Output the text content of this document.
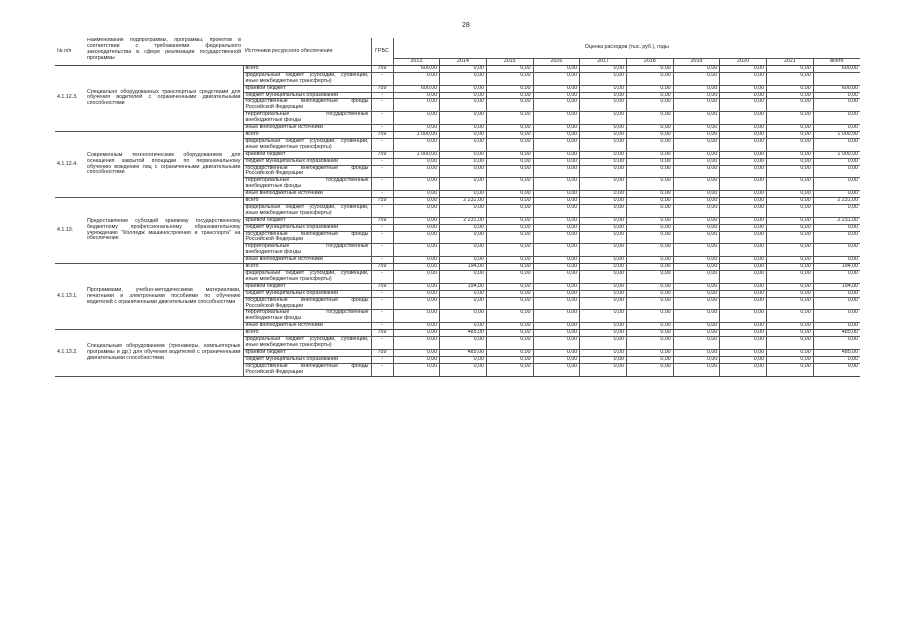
28
№ п/п	Наименование подпрограммы, программы, проектов в соответствии с требованиями федерального законодательства в сфере реализации государственной программы	Источники ресурсного обеспечения	ГРБС	Оценка расходов (тыс. руб.), годы									
				2013	2014	2015	2016	2017	2018	2019	2020	2021	всего
4.1.12.3.	Специально оборудованных транспортных средствами для обучения водителей с ограниченными двигательными способностями	всего	759	600,00	0,00	0,00	0,00	0,00	0,00	0,00	0,00	0,00	600,00
		федеральный бюджет (субсидии, субвенции, иные межбюджетные трансферты)	-	0,00	0,00	0,00	0,00	0,00	0,00	0,00	0,00	0,00	
		краевой бюджет	759	600,00	0,00	0,00	0,00	0,00	0,00	0,00	0,00	0,00	600,00
		бюджет муниципальных образований	-	0,00	0,00	0,00	0,00	0,00	0,00	0,00	0,00	0,00	0,00
		государственные внебюджетные фонды Российской Федерации	-	0,00	0,00	0,00	0,00	0,00	0,00	0,00	0,00	0,00	0,00
		территориальные государственные внебюджетные фонды	-	0,00	0,00	0,00	0,00	0,00	0,00	0,00	0,00	0,00	0,00
		иные внебюджетные источники	-	0,00	0,00	0,00	0,00	0,00	0,00	0,00	0,00	0,00	0,00
4.1.12.4.	Современным технологическим оборудованием для оснащения закрытой площадки по первоначальному обучению вождению лиц с ограниченными двигательными способностями	всего	759	1 000,00	0,00	0,00	0,00	0,00	0,00	0,00	0,00	0,00	1 000,00
		федеральный бюджет (субсидии, субвенции, иные межбюджетные трансферты)	-	0,00	0,00	0,00	0,00	0,00	0,00	0,00	0,00	0,00	0,00
		краевой бюджет	759	1 000,00	0,00	0,00	0,00	0,00	0,00	0,00	0,00	0,00	1 000,00
		бюджет муниципальных образований	-	0,00	0,00	0,00	0,00	0,00	0,00	0,00	0,00	0,00	0,00
		государственные внебюджетные фонды Российской Федерации	-	0,00	0,00	0,00	0,00	0,00	0,00	0,00	0,00	0,00	0,00
		территориальные государственные внебюджетные фонды	-	0,00	0,00	0,00	0,00	0,00	0,00	0,00	0,00	0,00	0,00
		иные внебюджетные источники	-	0,00	0,00	0,00	0,00	0,00	0,00	0,00	0,00	0,00	0,00
4.1.13.	Предоставление субсидий краевому государственному бюджетному профессиональному образовательному учреждению "Колледж машиностроения и транспорта" на обеспечение	всего	759	0,00	2 231,00	0,00	0,00	0,00	0,00	0,00	0,00	0,00	2 231,00
		федеральный бюджет (субсидии, субвенции, иные межбюджетные трансферты)	-	0,00	0,00	0,00	0,00	0,00	0,00	0,00	0,00	0,00	0,00
		краевой бюджет	759	0,00	2 231,00	0,00	0,00	0,00	0,00	0,00	0,00	0,00	2 231,00
		бюджет муниципальных образований	-	0,00	0,00	0,00	0,00	0,00	0,00	0,00	0,00	0,00	0,00
		государственные внебюджетные фонды Российской Федерации	-	0,00	0,00	0,00	0,00	0,00	0,00	0,00	0,00	0,00	0,00
		территориальные государственные внебюджетные фонды	-	0,00	0,00	0,00	0,00	0,00	0,00	0,00	0,00	0,00	0,00
		иные внебюджетные источники	-	0,00	0,00	0,00	0,00	0,00	0,00	0,00	0,00	0,00	0,00
4.1.13.1.	Программами, учебно-методическими материалами, печатными и электронными пособиями по обучению водителей с ограниченными двигательными способностями	всего	759	0,00	194,00	0,00	0,00	0,00	0,00	0,00	0,00	0,00	194,00
		федеральный бюджет (субсидии, субвенции, иные межбюджетные трансферты)	-	0,00	0,00	0,00	0,00	0,00	0,00	0,00	0,00	0,00	0,00
		краевой бюджет	759	0,00	194,00	0,00	0,00	0,00	0,00	0,00	0,00	0,00	194,00
		бюджет муниципальных образований	-	0,00	0,00	0,00	0,00	0,00	0,00	0,00	0,00	0,00	0,00
		государственные внебюджетные фонды Российской Федерации	-	0,00	0,00	0,00	0,00	0,00	0,00	0,00	0,00	0,00	0,00
		территориальные государственные внебюджетные фонды	-	0,00	0,00	0,00	0,00	0,00	0,00	0,00	0,00	0,00	0,00
		иные внебюджетные источники	-	0,00	0,00	0,00	0,00	0,00	0,00	0,00	0,00	0,00	0,00
4.1.13.2.	Специальным оборудованием (тренажеры, компьютерные программы и др.) для обучения водителей с ограниченными двигательными способностями	всего	759	0,00	485,00	0,00	0,00	0,00	0,00	0,00	0,00	0,00	485,00
		федеральный бюджет (субсидии, субвенции, иные межбюджетные трансферты)	-	0,00	0,00	0,00	0,00	0,00	0,00	0,00	0,00	0,00	0,00
		краевой бюджет	759	0,00	485,00	0,00	0,00	0,00	0,00	0,00	0,00	0,00	485,00
		бюджет муниципальных образований	-	0,00	0,00	0,00	0,00	0,00	0,00	0,00	0,00	0,00	0,00
		государственные внебюджетные фонды Российской Федерации	-	0,00	0,00	0,00	0,00	0,00	0,00	0,00	0,00	0,00	0,00
